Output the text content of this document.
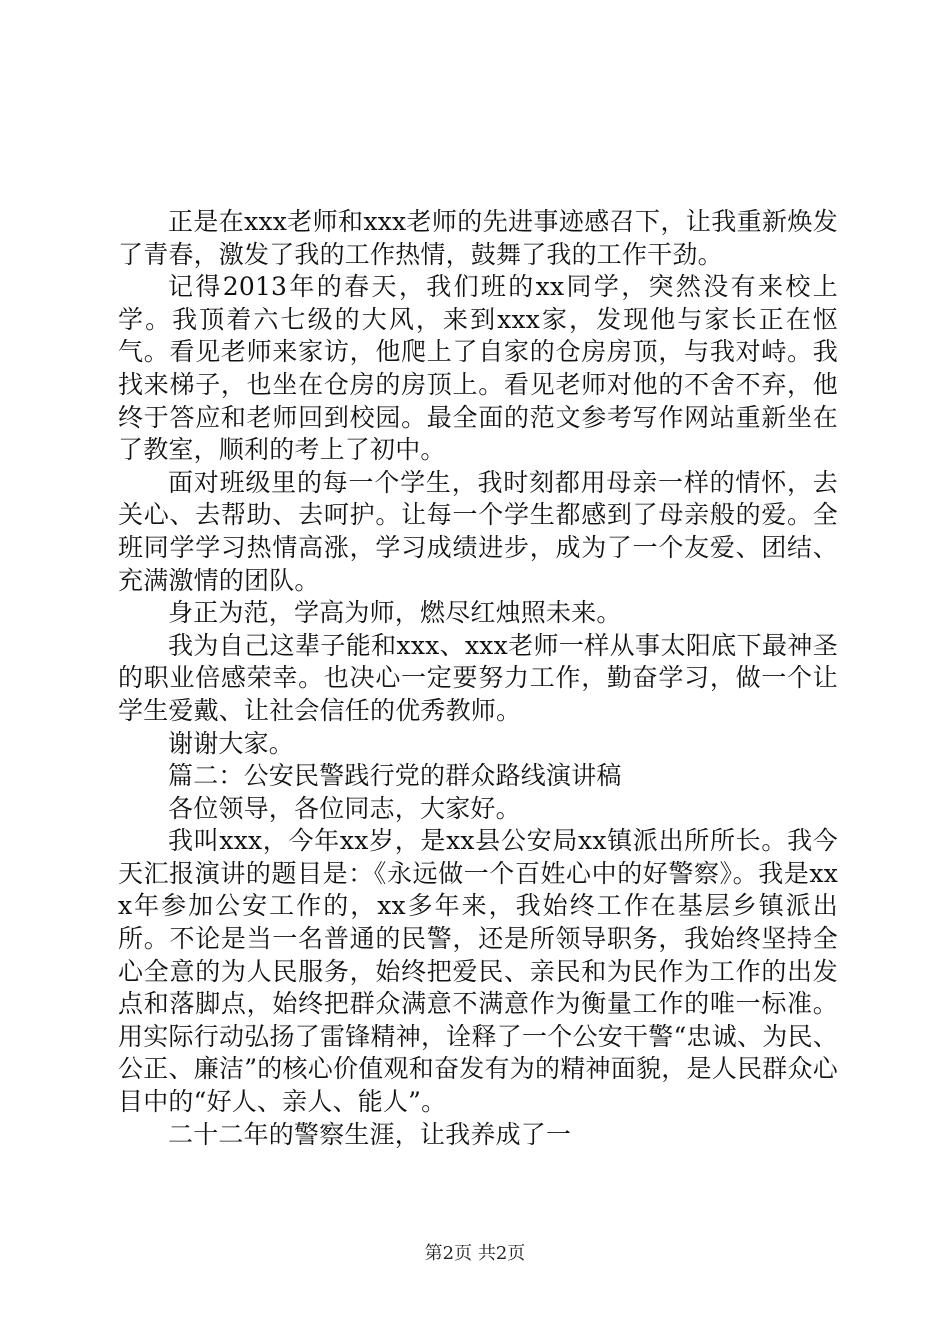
正是在xxx老师和xxx老师的先进事迹感召下，让我重新焕发了青春，激发了我的工作热情，鼓舞了我的工作干劲。

记得2013年的春天，我们班的xx同学，突然没有来校上学。我顶着六七级的大风，来到xxx家，发现他与家长正在怄气。看见老师来家访，他爬上了自家的仓房房顶，与我对峙。我找来梯子，也坐在仓房的房顶上。看见老师对他的不舍不弃，他终于答应和老师回到校园。最全面的范文参考写作网站重新坐在了教室，顺利的考上了初中。

面对班级里的每一个学生，我时刻都用母亲一样的情怀，去关心、去帮助、去呵护。让每一个学生都感到了母亲般的爱。全班同学学习热情高涨，学习成绩进步，成为了一个友爱、团结、充满激情的团队。

身正为范，学高为师，燃尽红烛照未来。

我为自己这辈子能和xxx、xxx老师一样从事太阳底下最神圣的职业倍感荣幸。也决心一定要努力工作，勤奋学习，做一个让学生爱戴、让社会信任的优秀教师。

谢谢大家。

篇二：公安民警践行党的群众路线演讲稿

各位领导，各位同志，大家好。

我叫xxx，今年xx岁，是xx县公安局xx镇派出所所长。我今天汇报演讲的题目是：《永远做一个百姓心中的好警察》。我是xxx年参加公安工作的，xx多年来，我始终工作在基层乡镇派出所。不论是当一名普通的民警，还是所领导职务，我始终坚持全心全意的为人民服务，始终把爱民、亲民和为民作为工作的出发点和落脚点，始终把群众满意不满意作为衡量工作的唯一标准。用实际行动弘扬了雷锋精神，诠释了一个公安干警“忠诚、为民、公正、廉洁”的核心价值观和奋发有为的精神面貌，是人民群众心目中的“好人、亲人、能人”。

二十二年的警察生涯，让我养成了一

第2页 共2页
